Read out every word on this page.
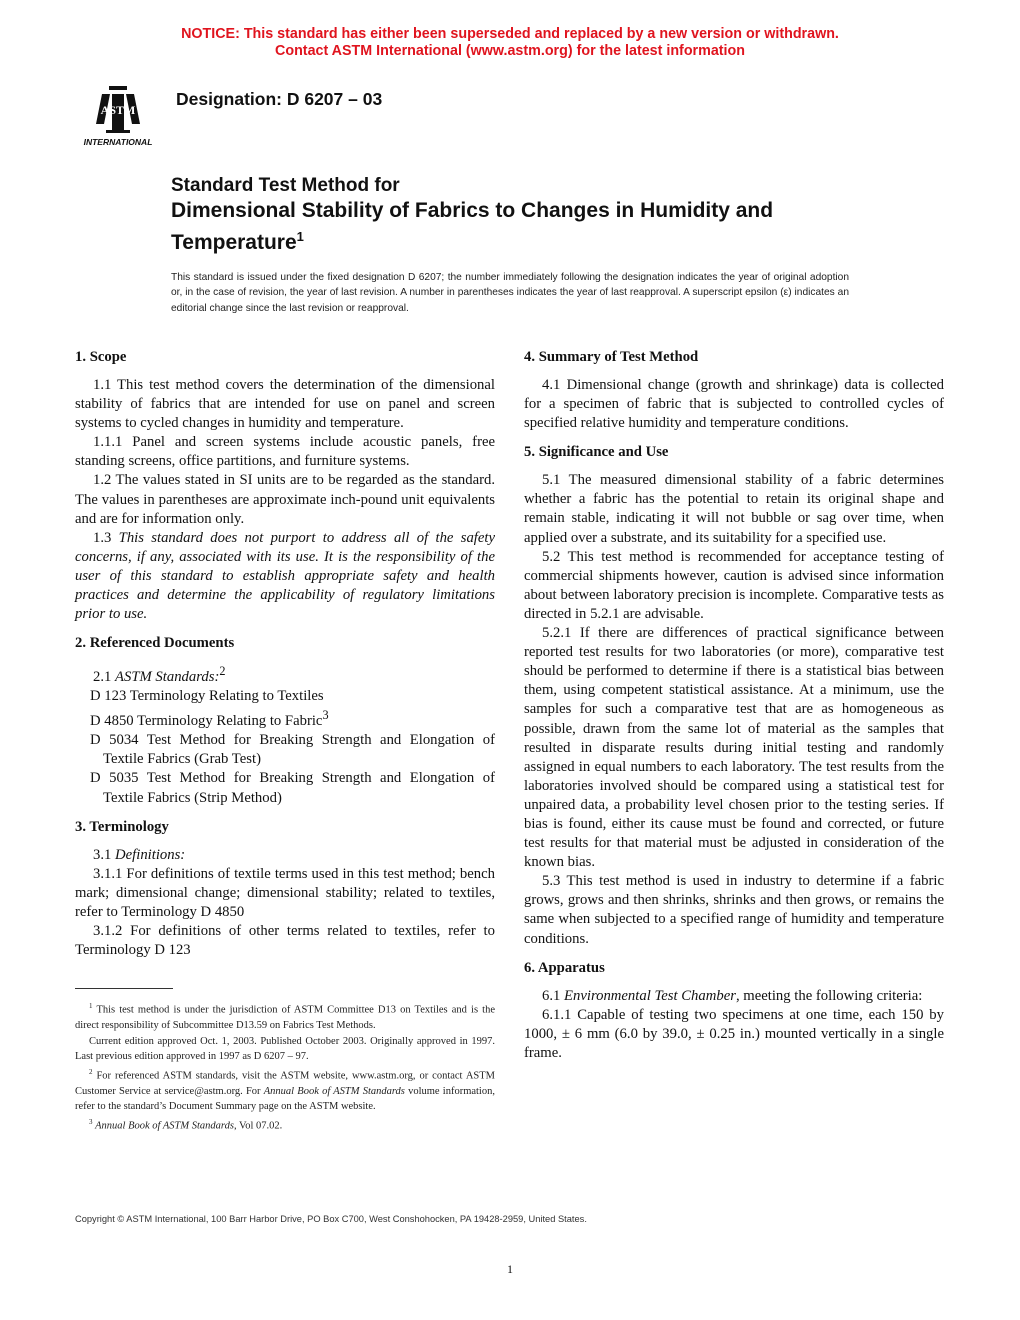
NOTICE: This standard has either been superseded and replaced by a new version or withdrawn.
Contact ASTM International (www.astm.org) for the latest information
ASTM
INTERNATIONAL
Designation: D 6207 – 03
Standard Test Method for
Dimensional Stability of Fabrics to Changes in Humidity and
Temperature$^1$
This standard is issued under the fixed designation D 6207; the number immediately following the designation indicates the year of original adoption or, in the case of revision, the year of last revision. A number in parentheses indicates the year of last reapproval. A superscript epsilon (ε) indicates an editorial change since the last revision or reapproval.
1. Scope

1.1 This test method covers the determination of the dimensional stability of fabrics that are intended for use on panel and screen systems to cycled changes in humidity and temperature.

1.1.1 Panel and screen systems include acoustic panels, free standing screens, office partitions, and furniture systems.

1.2 The values stated in SI units are to be regarded as the standard. The values in parentheses are approximate inch-pound unit equivalents and are for information only.

1.3 This standard does not purport to address all of the safety concerns, if any, associated with its use. It is the responsibility of the user of this standard to establish appropriate safety and health practices and determine the applicability of regulatory limitations prior to use.

2. Referenced Documents

2.1 ASTM Standards:$^2$

D 123 Terminology Relating to Textiles

D 4850 Terminology Relating to Fabric$^3$

D 5034 Test Method for Breaking Strength and Elongation of Textile Fabrics (Grab Test)

D 5035 Test Method for Breaking Strength and Elongation of Textile Fabrics (Strip Method)

3. Terminology

3.1 Definitions:

3.1.1 For definitions of textile terms used in this test method; bench mark; dimensional change; dimensional stability; related to textiles, refer to Terminology D 4850

3.1.2 For definitions of other terms related to textiles, refer to Terminology D 123

4. Summary of Test Method

4.1 Dimensional change (growth and shrinkage) data is collected for a specimen of fabric that is subjected to controlled cycles of specified relative humidity and temperature conditions.

5. Significance and Use

5.1 The measured dimensional stability of a fabric determines whether a fabric has the potential to retain its original shape and remain stable, indicating it will not bubble or sag over time, when applied over a substrate, and its suitability for a specified use.

5.2 This test method is recommended for acceptance testing of commercial shipments however, caution is advised since information about between laboratory precision is incomplete. Comparative tests as directed in 5.2.1 are advisable.

5.2.1 If there are differences of practical significance between reported test results for two laboratories (or more), comparative test should be performed to determine if there is a statistical bias between them, using competent statistical assistance. At a minimum, use the samples for such a comparative test that are as homogeneous as possible, drawn from the same lot of material as the samples that resulted in disparate results during initial testing and randomly assigned in equal numbers to each laboratory. The test results from the laboratories involved should be compared using a statistical test for unpaired data, a probability level chosen prior to the testing series. If bias is found, either its cause must be found and corrected, or future test results for that material must be adjusted in consideration of the known bias.

5.3 This test method is used in industry to determine if a fabric grows, grows and then shrinks, shrinks and then grows, or remains the same when subjected to a specified range of humidity and temperature conditions.

6. Apparatus

6.1 Environmental Test Chamber, meeting the following criteria:

6.1.1 Capable of testing two specimens at one time, each 150 by 1000, ± 6 mm (6.0 by 39.0, ± 0.25 in.) mounted vertically in a single frame.

$^1$ This test method is under the jurisdiction of ASTM Committee D13 on Textiles and is the direct responsibility of Subcommittee D13.59 on Fabrics Test Methods.

Current edition approved Oct. 1, 2003. Published October 2003. Originally approved in 1997. Last previous edition approved in 1997 as D 6207 – 97.

$^2$ For referenced ASTM standards, visit the ASTM website, www.astm.org, or contact ASTM Customer Service at service@astm.org. For Annual Book of ASTM Standards volume information, refer to the standard’s Document Summary page on the ASTM website.

$^3$ Annual Book of ASTM Standards, Vol 07.02.

Copyright © ASTM International, 100 Barr Harbor Drive, PO Box C700, West Conshohocken, PA 19428-2959, United States.
1
